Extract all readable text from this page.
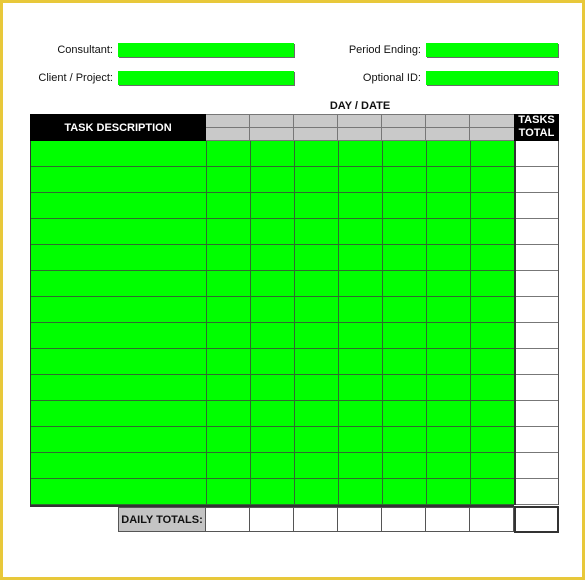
Consultant:
Client / Project:
Period Ending:
Optional ID:
DAY / DATE
TASK DESCRIPTION
TASKS
TOTAL
DAILY TOTALS:
